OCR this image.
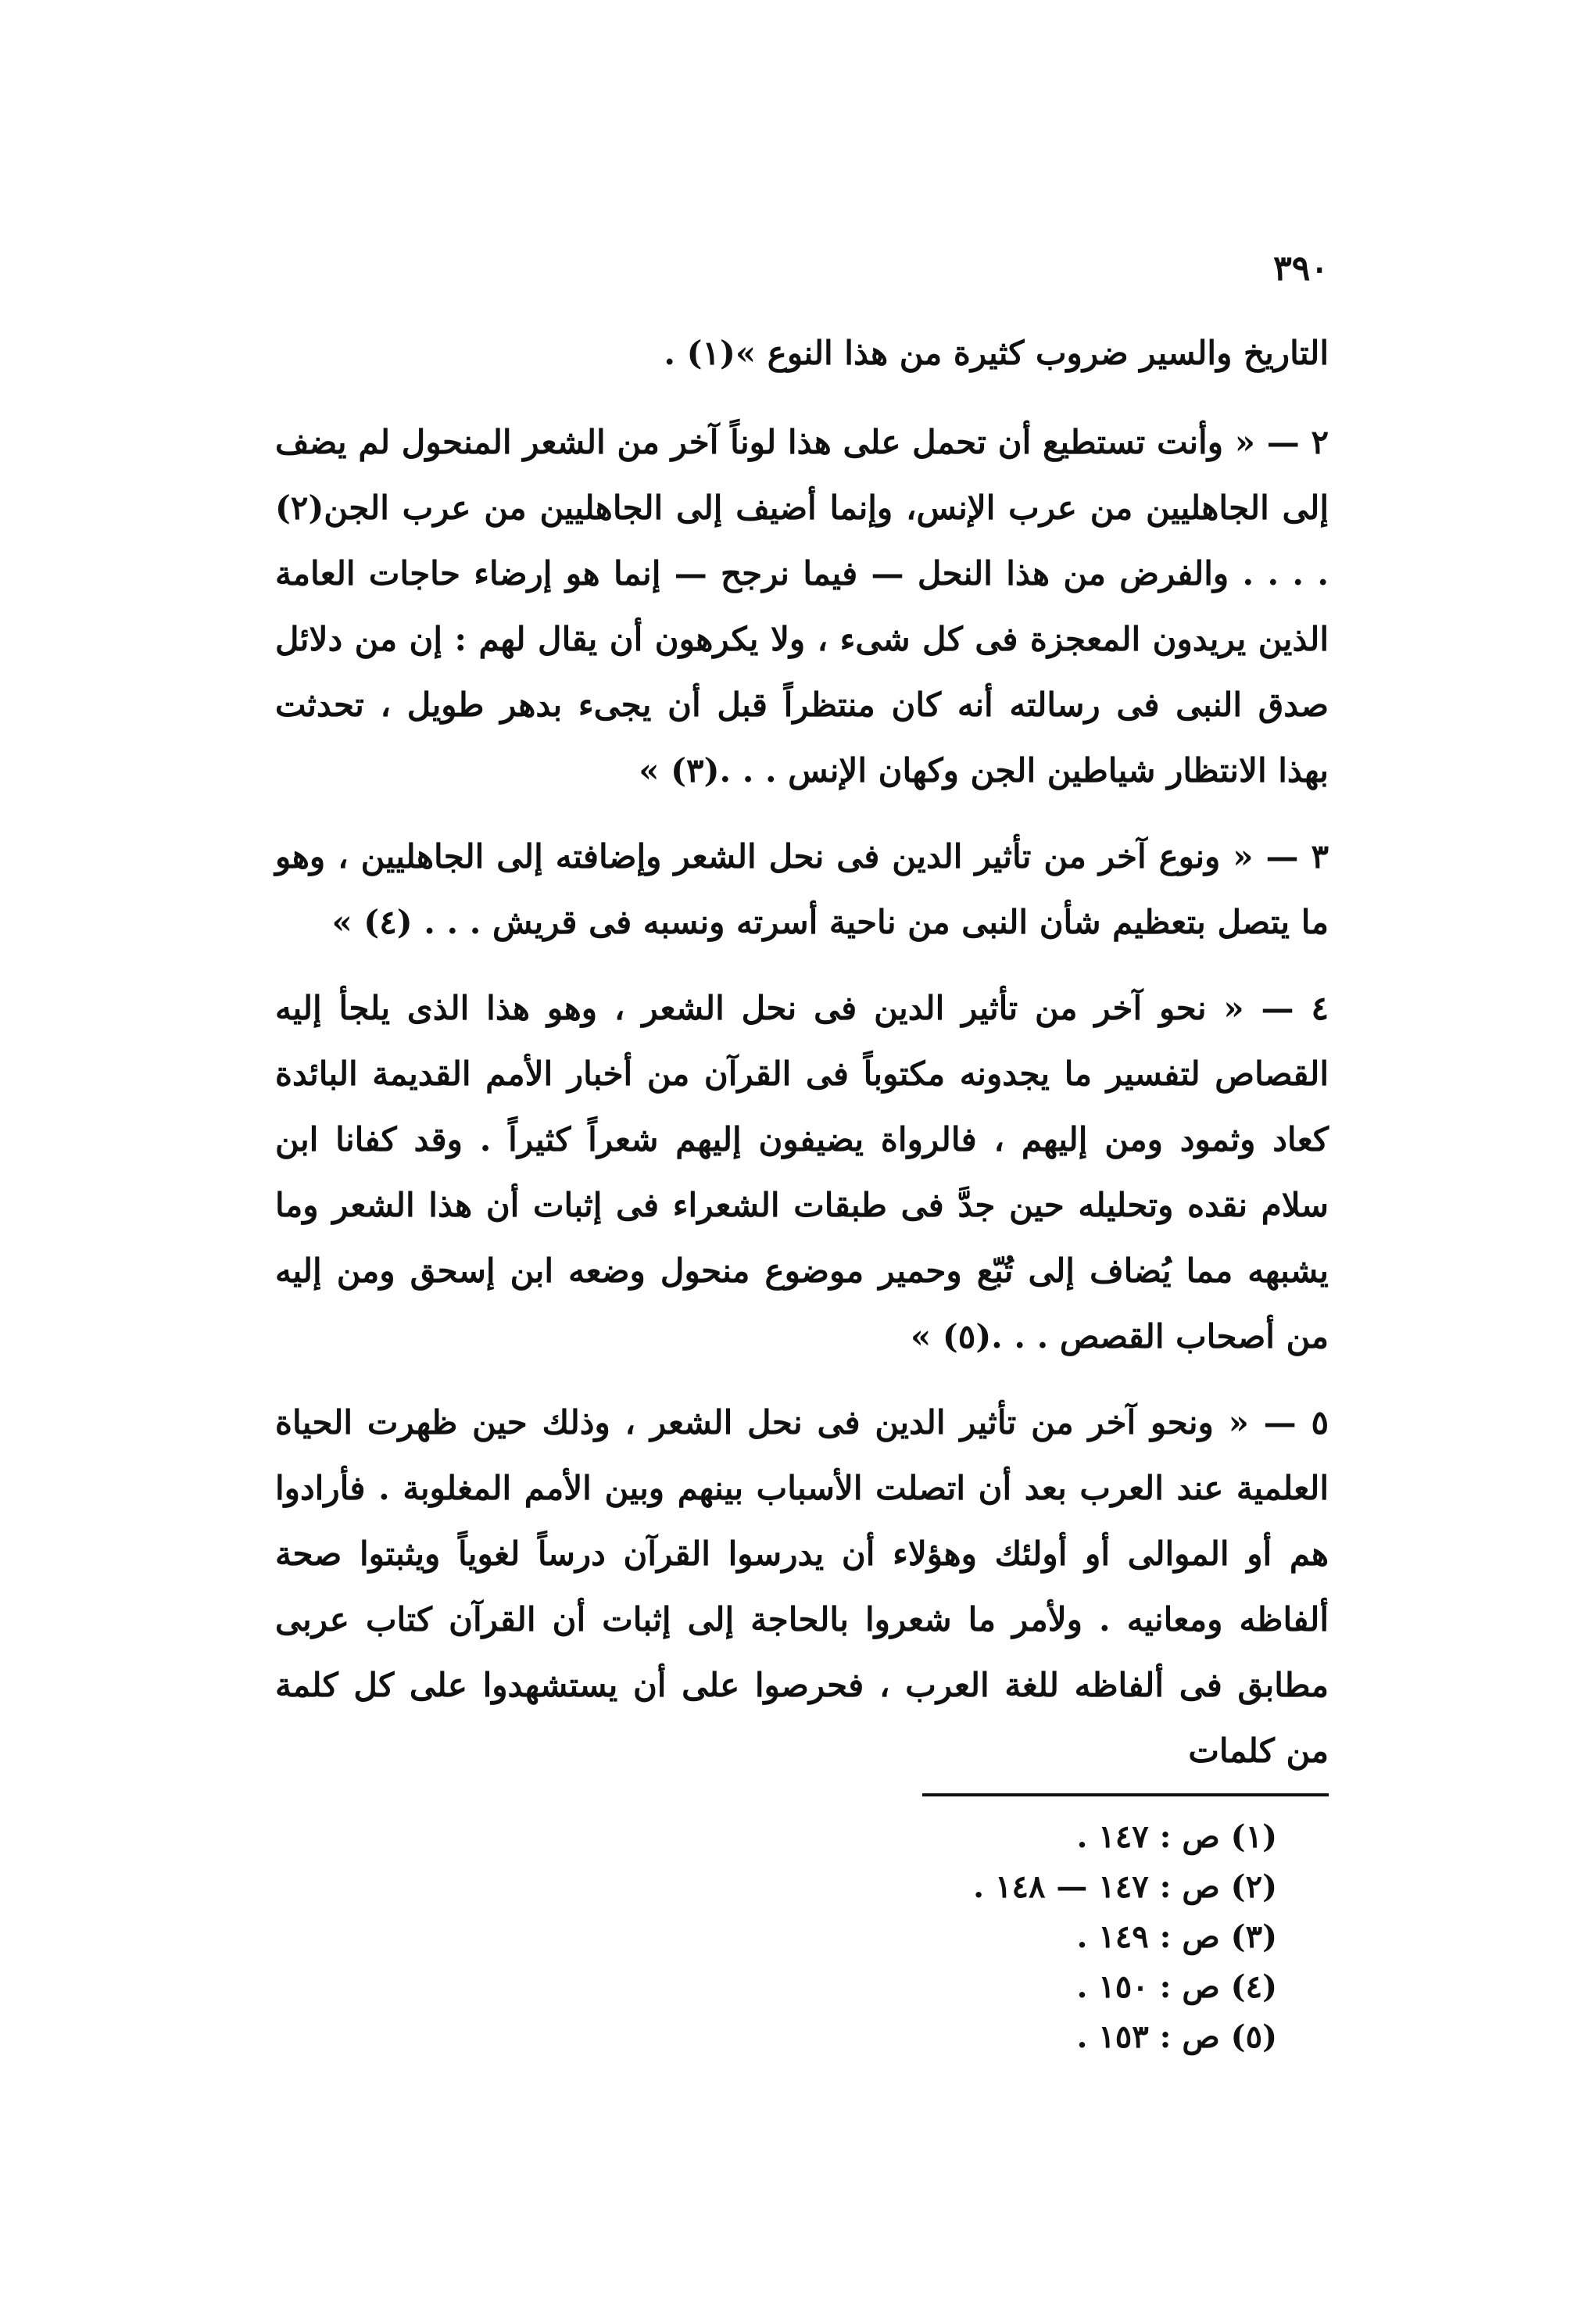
٣٩٠

التاريخ والسير ضروب كثيرة من هذا النوع »(١) .

٢ — « وأنت تستطيع أن تحمل على هذا لوناً آخر من الشعر المنحول لم يضف إلى الجاهليين من عرب الإنس، وإنما أضيف إلى الجاهليين من عرب الجن(٢) . . . . والفرض من هذا النحل — فيما نرجح — إنما هو إرضاء حاجات العامة الذين يريدون المعجزة فى كل شىء ، ولا يكرهون أن يقال لهم : إن من دلائل صدق النبى فى رسالته أنه كان منتظراً قبل أن يجىء بدهر طويل ، تحدثت بهذا الانتظار شياطين الجن وكهان الإنس . . .(٣) »

٣ — « ونوع آخر من تأثير الدين فى نحل الشعر وإضافته إلى الجاهليين ، وهو ما يتصل بتعظيم شأن النبى من ناحية أسرته ونسبه فى قريش . . . (٤) »

٤ — « نحو آخر من تأثير الدين فى نحل الشعر ، وهو هذا الذى يلجأ إليه القصاص لتفسير ما يجدونه مكتوباً فى القرآن من أخبار الأمم القديمة البائدة كعاد وثمود ومن إليهم ، فالرواة يضيفون إليهم شعراً كثيراً . وقد كفانا ابن سلام نقده وتحليله حين جدَّ فى طبقات الشعراء فى إثبات أن هذا الشعر وما يشبهه مما يُضاف إلى تُبّع وحمير موضوع منحول وضعه ابن إسحق ومن إليه من أصحاب القصص . . .(٥) »

٥ — « ونحو آخر من تأثير الدين فى نحل الشعر ، وذلك حين ظهرت الحياة العلمية عند العرب بعد أن اتصلت الأسباب بينهم وبين الأمم المغلوبة . فأرادوا هم أو الموالى أو أولئك وهؤلاء أن يدرسوا القرآن درساً لغوياً ويثبتوا صحة ألفاظه ومعانيه . ولأمر ما شعروا بالحاجة إلى إثبات أن القرآن كتاب عربى مطابق فى ألفاظه للغة العرب ، فحرصوا على أن يستشهدوا على كل كلمة من كلمات

(١) ص : ١٤٧ .
(٢) ص : ١٤٧ — ١٤٨ .
(٣) ص : ١٤٩ .
(٤) ص : ١٥٠ .
(٥) ص : ١٥٣ .
